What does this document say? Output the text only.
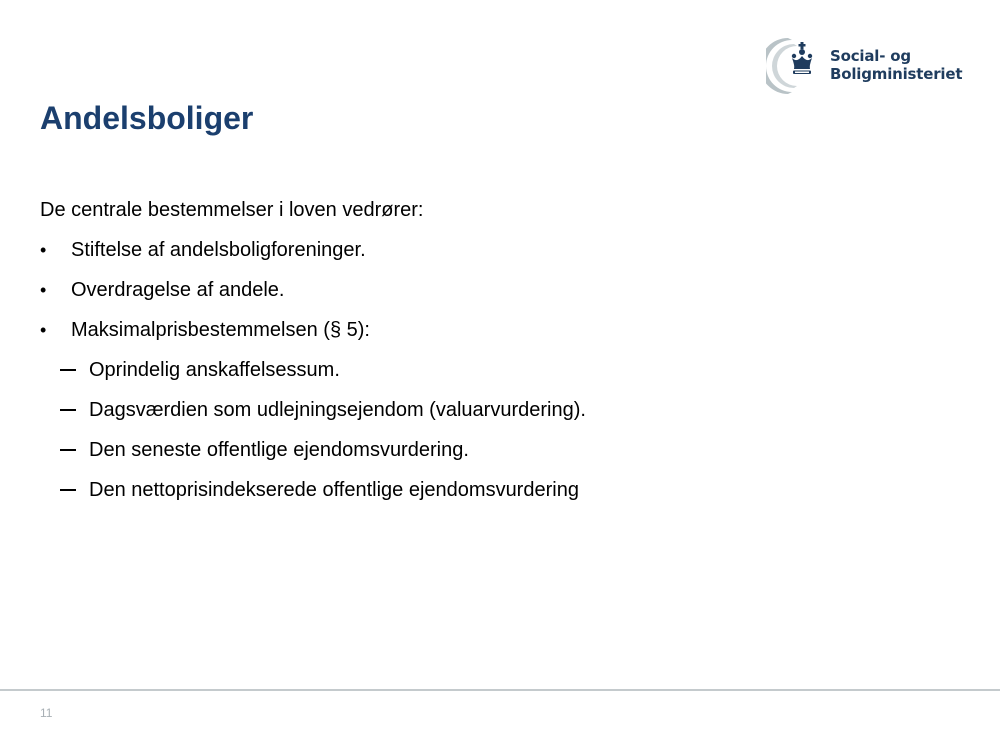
Social- og
Boligministeriet
Andelsboliger
De centrale bestemmelser i loven vedrører:
• Stiftelse af andelsboligforeninger.
• Overdragelse af andele.
• Maksimalprisbestemmelsen (§ 5):
Oprindelig anskaffelsessum.
Dagsværdien som udlejningsejendom (valuarvurdering).
Den seneste offentlige ejendomsvurdering.
Den nettoprisindekserede offentlige ejendomsvurdering
11
